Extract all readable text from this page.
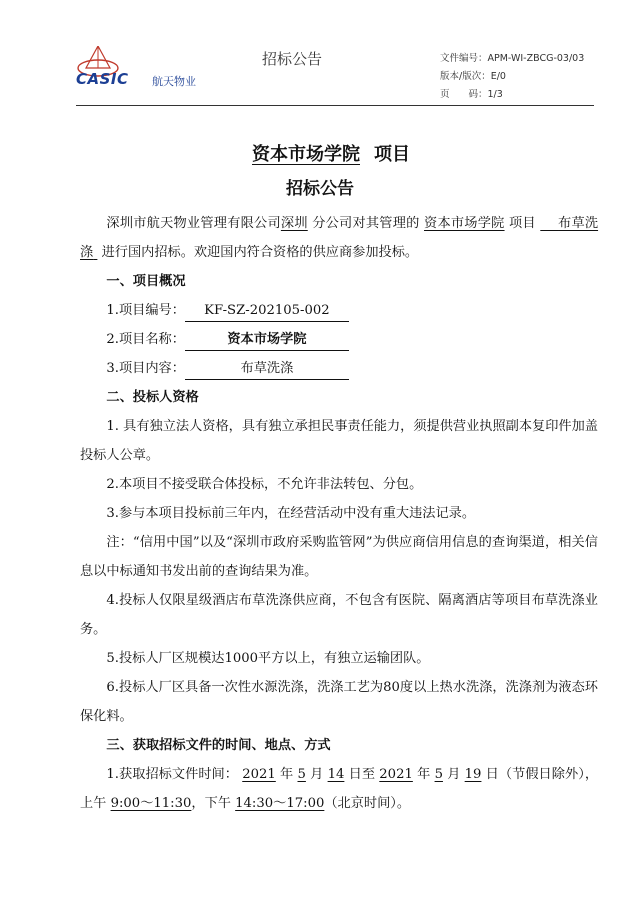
CASIC 航天物业
招标公告	文件编号：APM-WI-ZBCG-03/03
版本/版次：E/0
页　　码：1/3
资本市场学院 项目
招标公告

深圳市航天物业管理有限公司深圳 分公司对其管理的 资本市场学院 项目 布草洗涤 进行国内招标。欢迎国内符合资格的供应商参加投标。

一、项目概况

1.项目编号： KF-SZ-202105-002

2.项目名称：	资本市场学院

3.项目内容：	布草洗涤

二、投标人资格

1. 具有独立法人资格，具有独立承担民事责任能力，须提供营业执照副本复印件加盖投标人公章。

2.本项目不接受联合体投标，不允许非法转包、分包。

3.参与本项目投标前三年内，在经营活动中没有重大违法记录。

注：“信用中国”以及“深圳市政府采购监管网”为供应商信用信息的查询渠道，相关信息以中标通知书发出前的查询结果为准。

4.投标人仅限星级酒店布草洗涤供应商，不包含有医院、隔离酒店等项目布草洗涤业务。

5.投标人厂区规模达1000平方以上，有独立运输团队。

6.投标人厂区具备一次性水源洗涤，洗涤工艺为80度以上热水洗涤，洗涤剂为液态环保化料。

三、获取招标文件的时间、地点、方式

1.获取招标文件时间： 2021 年 5 月 14 日至 2021 年 5 月 19 日（节假日除外），上午 9:00～11:30，下午 14:30～17:00（北京时间）。
